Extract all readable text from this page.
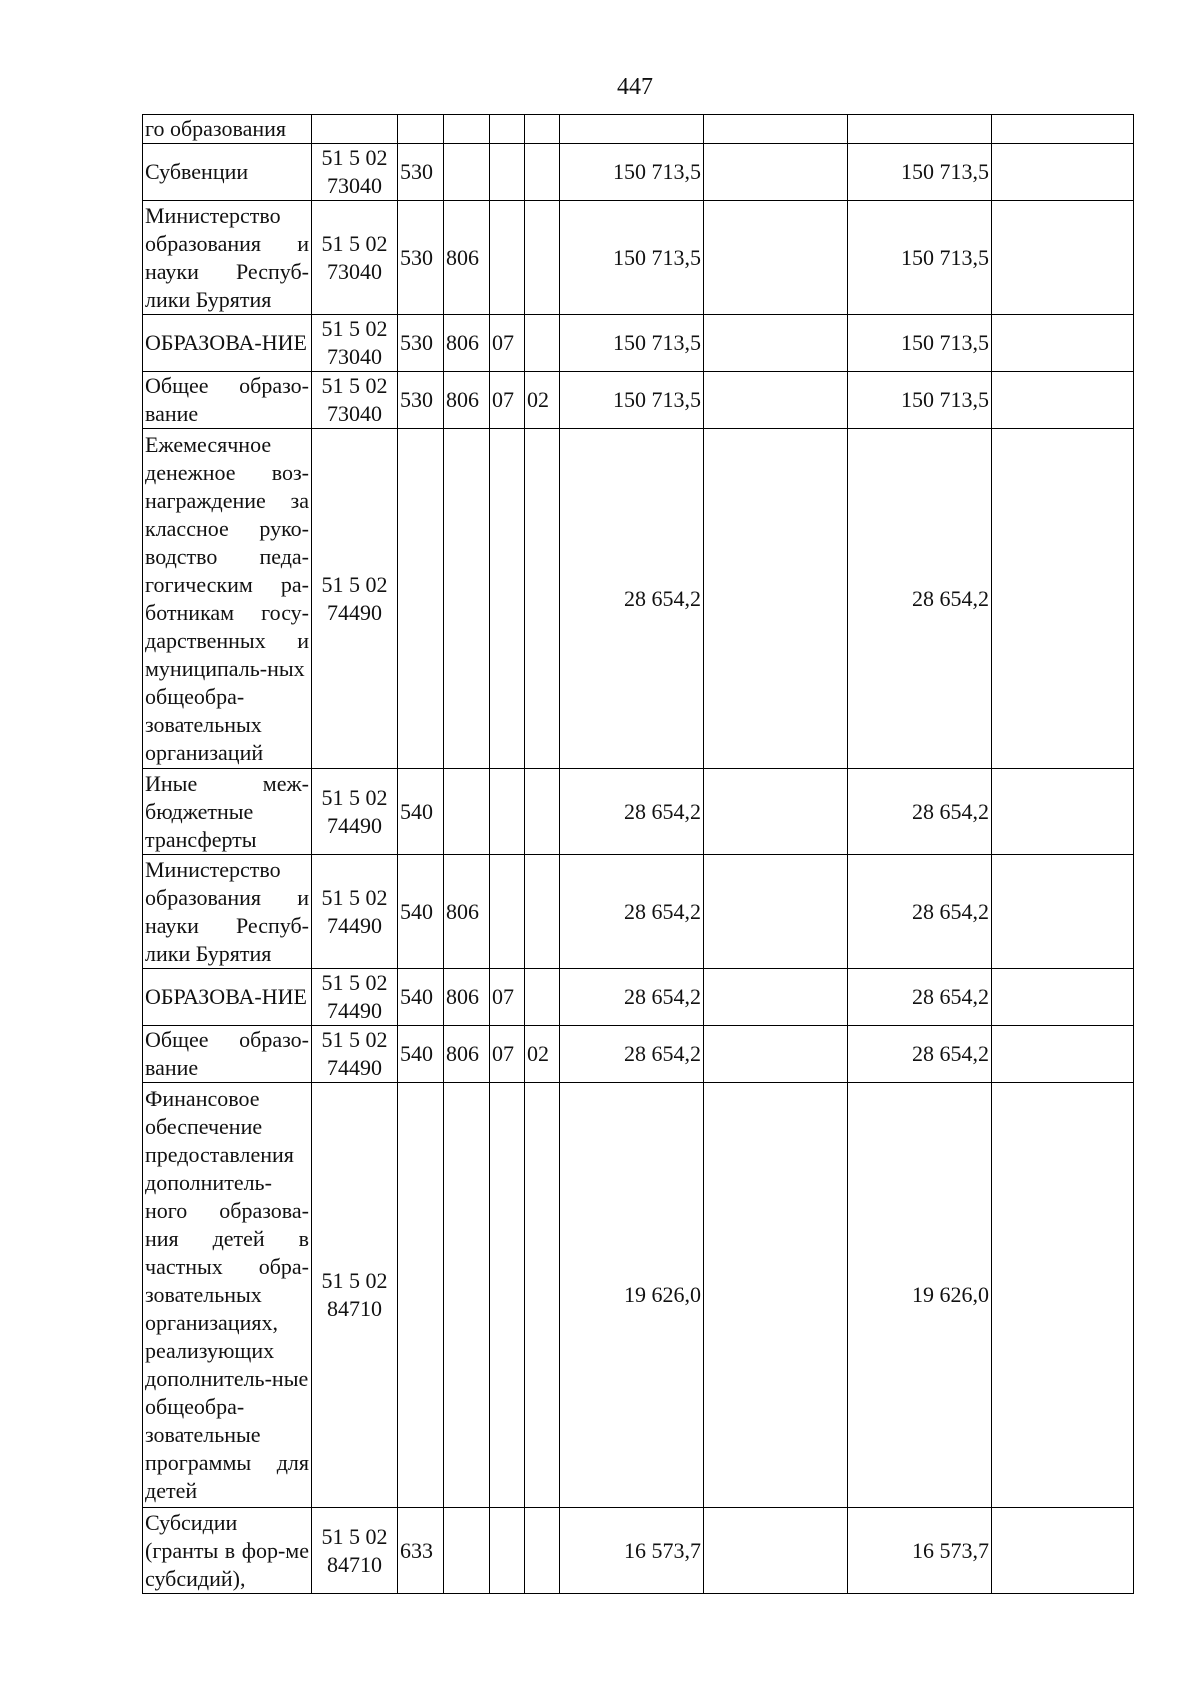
447
го образования									
Субвенции	51 5 02 73040	530				150 713,5		150 713,5	
Министерство образования и науки Респуб-лики Бурятия	51 5 02 73040	530	806			150 713,5		150 713,5	
ОБРАЗОВА-НИЕ	51 5 02 73040	530	806	07		150 713,5		150 713,5	
Общее образо-вание	51 5 02 73040	530	806	07	02	150 713,5		150 713,5	
Ежемесячное денежное воз-награждение за классное руко-водство педа-гогическим ра-ботникам госу-дарственных и муниципаль-ных общеобра-зовательных организаций	51 5 02 74490					28 654,2		28 654,2	
Иные меж-бюджетные трансферты	51 5 02 74490	540				28 654,2		28 654,2	
Министерство образования и науки Респуб-лики Бурятия	51 5 02 74490	540	806			28 654,2		28 654,2	
ОБРАЗОВА-НИЕ	51 5 02 74490	540	806	07		28 654,2		28 654,2	
Общее образо-вание	51 5 02 74490	540	806	07	02	28 654,2		28 654,2	
Финансовое обеспечение предоставления дополнитель-ного образова-ния детей в частных обра-зовательных организациях, реализующих дополнитель-ные общеобра-зовательные программы для детей	51 5 02 84710					19 626,0		19 626,0	
Субсидии (гранты в фор-ме субсидий),	51 5 02 84710	633				16 573,7		16 573,7	
